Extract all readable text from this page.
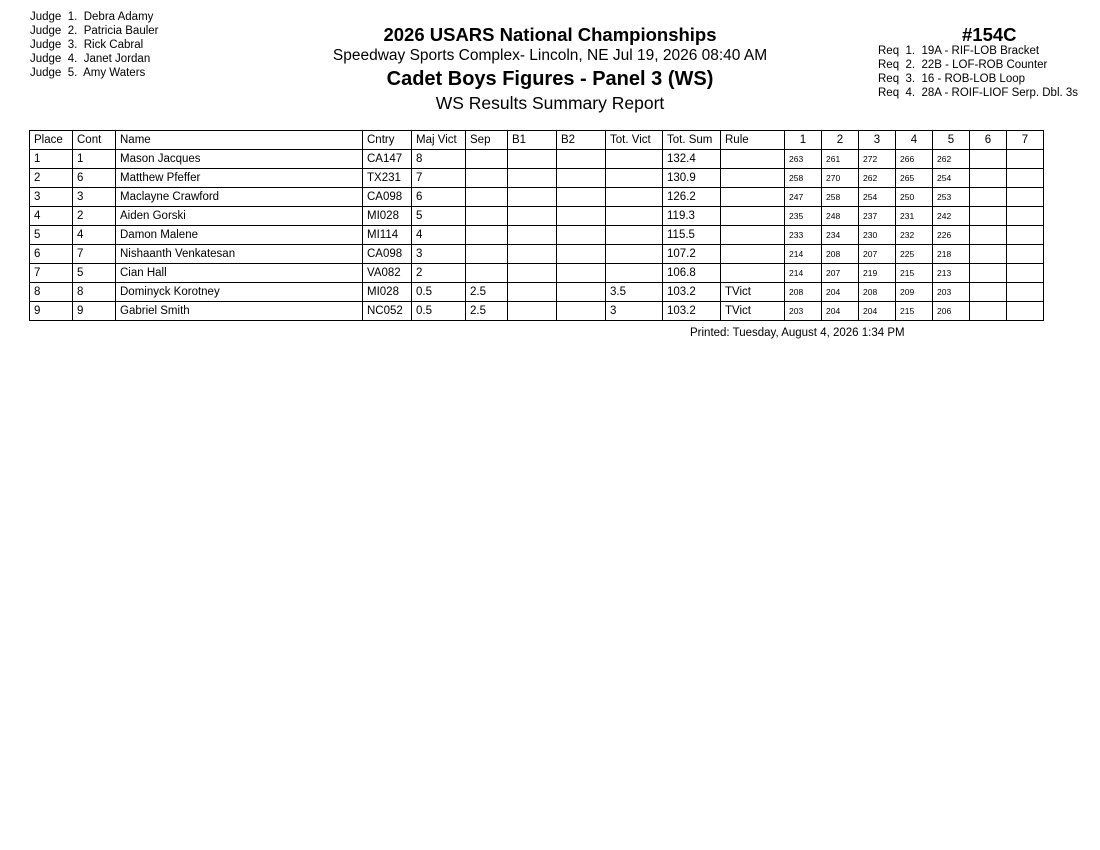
Judge 1. Debra Adamy
Judge 2. Patricia Bauler
Judge 3. Rick Cabral
Judge 4. Janet Jordan
Judge 5. Amy Waters
2026 USARS National Championships
Speedway Sports Complex- Lincoln, NE Jul 19, 2026 08:40 AM
Cadet Boys Figures - Panel 3 (WS)
WS Results Summary Report
#154C
Req  1.  19A - RIF-LOB Bracket
Req  2.  22B - LOF-ROB Counter
Req  3.  16 - ROB-LOB Loop
Req  4.  28A - ROIF-LIOF Serp. Dbl. 3s
Place	Cont	Name	Cntry	Maj Vict	Sep	B1	B2	Tot. Vict	Tot. Sum	Rule	1	2	3	4	5	6	7
1	1	Mason Jacques	CA147	8					132.4		263	261	272	266	262		
2	6	Matthew Pfeffer	TX231	7					130.9		258	270	262	265	254		
3	3	Maclayne Crawford	CA098	6					126.2		247	258	254	250	253		
4	2	Aiden Gorski	MI028	5					119.3		235	248	237	231	242		
5	4	Damon Malene	MI114	4					115.5		233	234	230	232	226		
6	7	Nishaanth Venkatesan	CA098	3					107.2		214	208	207	225	218		
7	5	Cian Hall	VA082	2					106.8		214	207	219	215	213		
8	8	Dominyck Korotney	MI028	0.5	2.5			3.5	103.2	TVict	208	204	208	209	203		
9	9	Gabriel Smith	NC052	0.5	2.5			3	103.2	TVict	203	204	204	215	206		
Printed: Tuesday, August 4, 2026 1:34 PM
